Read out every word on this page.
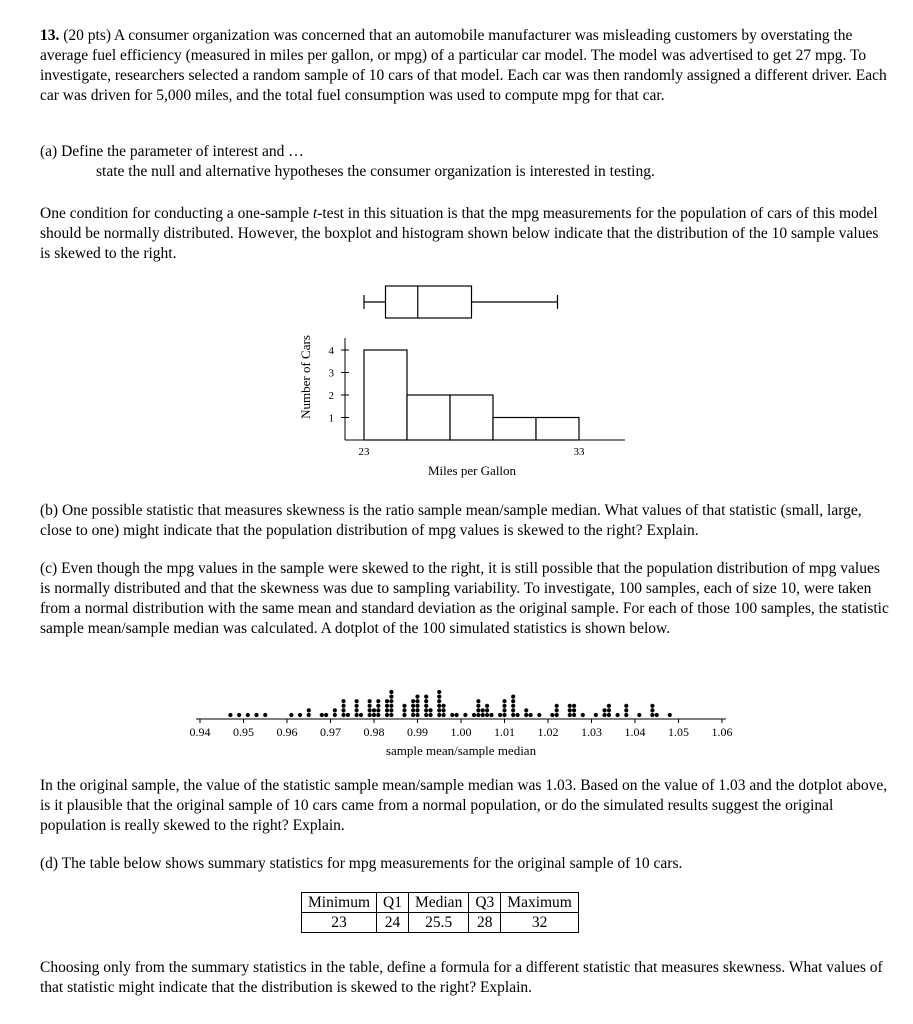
13. (20 pts) A consumer organization was concerned that an automobile manufacturer was misleading customers by overstating the average fuel efficiency (measured in miles per gallon, or mpg) of a particular car model. The model was advertised to get 27 mpg. To investigate, researchers selected a random sample of 10 cars of that model. Each car was then randomly assigned a different driver. Each car was driven for 5,000 miles, and the total fuel consumption was used to compute mpg for that car.

(a) Define the parameter of interest and …
state the null and alternative hypotheses the consumer organization is interested in testing.

One condition for conducting a one-sample t-test in this situation is that the mpg measurements for the population of cars of this model should be normally distributed. However, the boxplot and histogram shown below indicate that the distribution of the 10 sample values is skewed to the right.

1
2
3
4
23	33
Miles per Gallon
Number of Cars

(b) One possible statistic that measures skewness is the ratio sample mean/sample median. What values of that statistic (small, large, close to one) might indicate that the population distribution of mpg values is skewed to the right? Explain.

(c) Even though the mpg values in the sample were skewed to the right, it is still possible that the population distribution of mpg values is normally distributed and that the skewness was due to sampling variability. To investigate, 100 samples, each of size 10, were taken from a normal distribution with the same mean and standard deviation as the original sample. For each of those 100 samples, the statistic sample mean/sample median was calculated. A dotplot of the 100 simulated statistics is shown below.

0.94 0.95 0.96 0.97 0.98 0.99 1.00 1.01 1.02 1.03 1.04 1.05 1.06
sample mean/sample median

In the original sample, the value of the statistic sample mean/sample median was 1.03. Based on the value of 1.03 and the dotplot above, is it plausible that the original sample of 10 cars came from a normal population, or do the simulated results suggest the original population is really skewed to the right? Explain.

(d) The table below shows summary statistics for mpg measurements for the original sample of 10 cars.

Minimum	Q1	Median	Q3	Maximum
23	24	25.5	28	32

Choosing only from the summary statistics in the table, define a formula for a different statistic that measures skewness. What values of that statistic might indicate that the distribution is skewed to the right? Explain.
